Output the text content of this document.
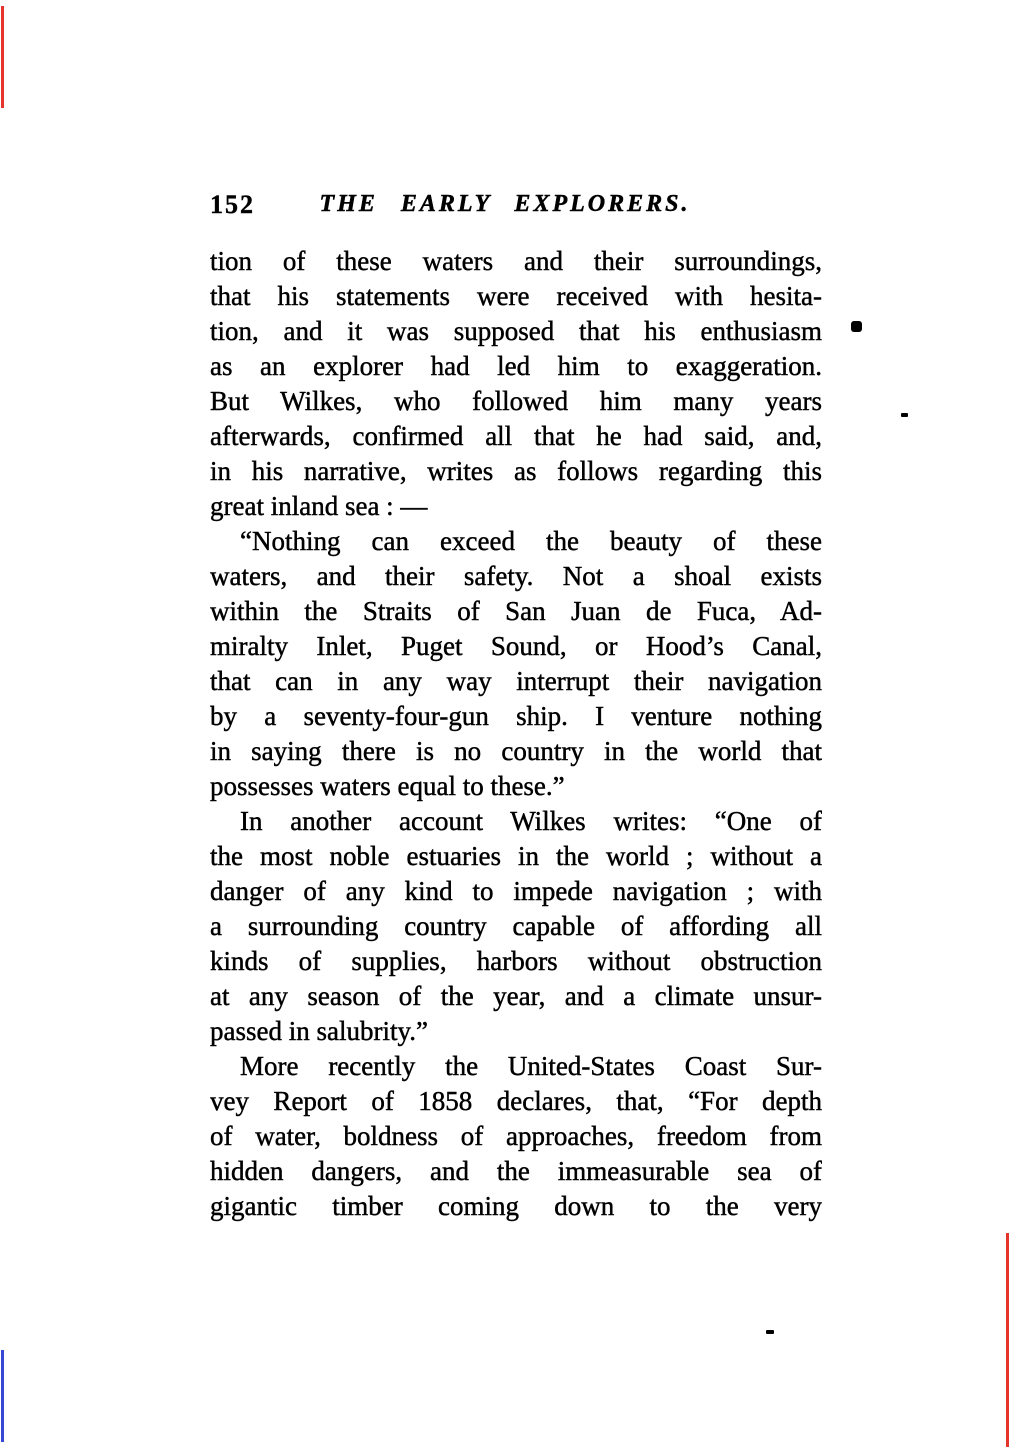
152	THE EARLY EXPLORERS.
tion of these waters and their surroundings,
that his statements were received with hesita-
tion, and it was supposed that his enthusiasm
as an explorer had led him to exaggeration.
But Wilkes, who followed him many years
afterwards, confirmed all that he had said, and,
in his narrative, writes as follows regarding this
great inland sea : —
“Nothing can exceed the beauty of these
waters, and their safety. Not a shoal exists
within the Straits of San Juan de Fuca, Ad-
miralty Inlet, Puget Sound, or Hood’s Canal,
that can in any way interrupt their navigation
by a seventy-four-gun ship. I venture nothing
in saying there is no country in the world that
possesses waters equal to these.”
In another account Wilkes writes: “One of
the most noble estuaries in the world ; without a
danger of any kind to impede navigation ; with
a surrounding country capable of affording all
kinds of supplies, harbors without obstruction
at any season of the year, and a climate unsur-
passed in salubrity.”
More recently the United-States Coast Sur-
vey Report of 1858 declares, that, “For depth
of water, boldness of approaches, freedom from
hidden dangers, and the immeasurable sea of
gigantic timber coming down to the very
